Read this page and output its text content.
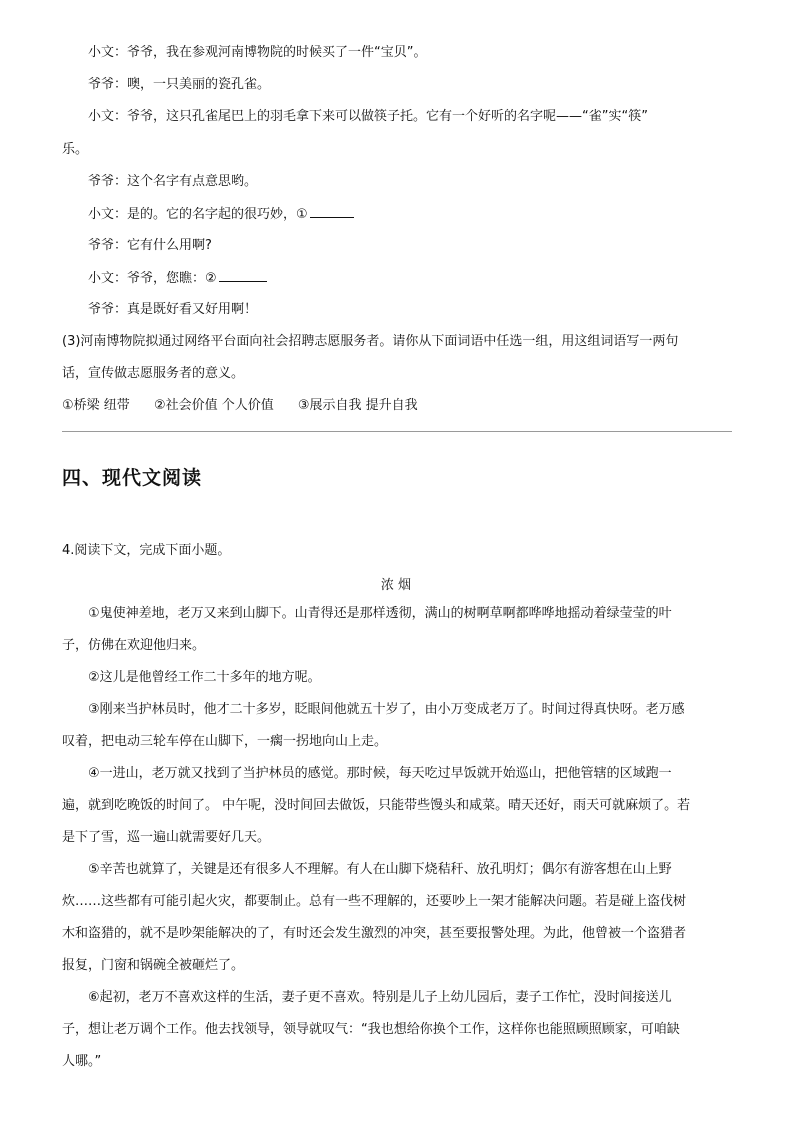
小文：爷爷，我在参观河南博物院的时候买了一件“宝贝”。
爷爷：噢，一只美丽的瓷孔雀。
小文：爷爷，这只孔雀尾巴上的羽毛拿下来可以做筷子托。它有一个好听的名字呢——“雀”实“筷”
乐。
爷爷：这个名字有点意思哟。
小文：是的。它的名字起的很巧妙，①
爷爷：它有什么用啊?
小文：爷爷，您瞧：②
爷爷：真是既好看又好用啊！
(3)河南博物院拟通过网络平台面向社会招聘志愿服务者。请你从下面词语中任选一组，用这组词语写一两句
话，宣传做志愿服务者的意义。
①桥梁 纽带 ②社会价值 个人价值 ③展示自我 提升自我
四、现代文阅读
4.阅读下文，完成下面小题。
浓 烟
①鬼使神差地，老万又来到山脚下。山青得还是那样透彻，满山的树啊草啊都哗哗地摇动着绿莹莹的叶
子，仿佛在欢迎他归来。
②这儿是他曾经工作二十多年的地方呢。
③刚来当护林员时，他才二十多岁，眨眼间他就五十岁了，由小万变成老万了。时间过得真快呀。老万感
叹着，把电动三轮车停在山脚下，一瘸一拐地向山上走。
④一进山，老万就又找到了当护林员的感觉。那时候，每天吃过早饭就开始巡山，把他管辖的区域跑一
遍，就到吃晚饭的时间了。 中午呢，没时间回去做饭，只能带些馒头和咸菜。晴天还好，雨天可就麻烦了。若
是下了雪，巡一遍山就需要好几天。
⑤辛苦也就算了，关键是还有很多人不理解。有人在山脚下烧秸秆、放孔明灯；偶尔有游客想在山上野
炊……这些都有可能引起火灾，都要制止。总有一些不理解的，还要吵上一架才能解决问题。若是碰上盗伐树
木和盗猎的，就不是吵架能解决的了，有时还会发生激烈的冲突，甚至要报警处理。为此，他曾被一个盗猎者
报复，门窗和锅碗全被砸烂了。
⑥起初，老万不喜欢这样的生活，妻子更不喜欢。特别是儿子上幼儿园后，妻子工作忙，没时间接送儿
子，想让老万调个工作。他去找领导，领导就叹气：“我也想给你换个工作，这样你也能照顾照顾家，可咱缺
人哪。”
